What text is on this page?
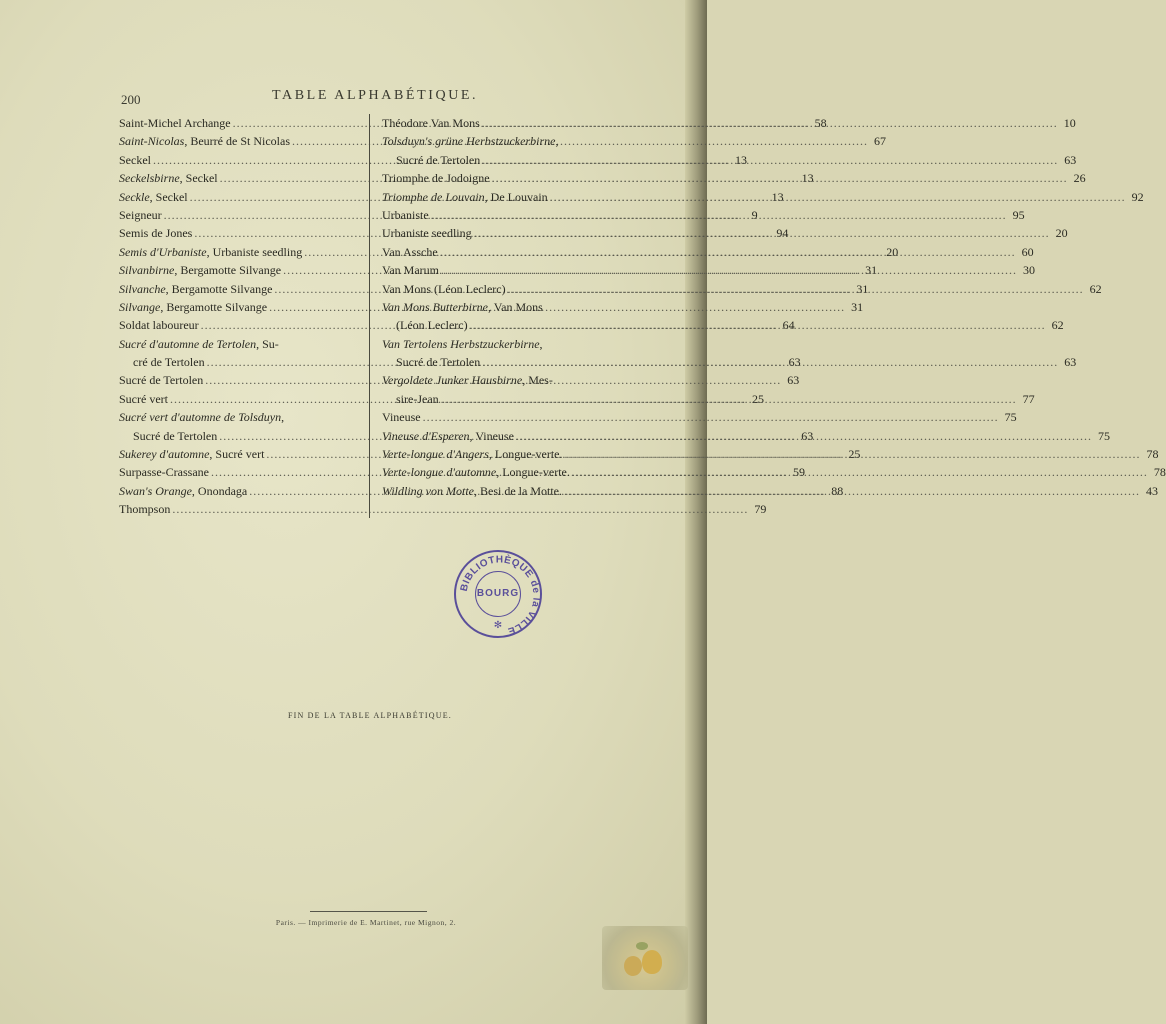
200	TABLE ALPHABÉTIQUE.
Saint-Michel Archange .....	58
Saint-Nicolas, Beurré de St Nicolas .....	67
Seckel .....	13
Seckelsbirne, Seckel .....	13
Seckle, Seckel .....	13
Seigneur .....	9
Semis de Jones .....	94
Semis d'Urbaniste, Urbaniste seedling .....	20
Silvanbirne, Bergamotte Silvange .....	31
Silvanche, Bergamotte Silvange .....	31
Silvange, Bergamotte Silvange .....	31
Soldat laboureur .....	64
Sucré d'automne de Tertolen, Su-
cré de Tertolen .....	63
Sucré de Tertolen .....	63
Sucré vert .....	25
Sucré vert d'automne de Tolsduyn,
Sucré de Tertolen .....	63
Sukerey d'automne, Sucré vert .....	25
Surpasse-Crassane .....	59
Swan's Orange, Onondaga .....	88
Thompson .....	79
Théodore Van Mons .....	10
Tolsduyn's grüne Herbstzuckerbirne,
Sucré de Tertolen .....	63
Triomphe de Jodoigne .....	26
Triomphe de Louvain, De Louvain .....	92
Urbaniste .....	95
Urbaniste seedling .....	20
Van Assche .....	60
Van Marum .....	30
Van Mons (Léon Leclerc) .....	62
Van Mons Butterbirne, Van Mons
(Léon Leclerc) .....	62
Van Tertolens Herbstzuckerbirne,
Sucré de Tertolen .....	63
Vergoldete Junker Hausbirne, Mes-
sire-Jean .....	77
Vineuse .....	75
Vineuse d'Esperen, Vineuse .....	75
Verte-longue d'Angers, Longue-verte. .....	78
Verte-longue d'automne, Longue-verte. .....	78
Wildling von Motte, Besi de la Motte. .....	43
BIBLIOTHÈQUE de la VILLE
BOURG
✻
FIN DE LA TABLE ALPHABÉTIQUE.
Paris. — Imprimerie de E. Martinet, rue Mignon, 2.
